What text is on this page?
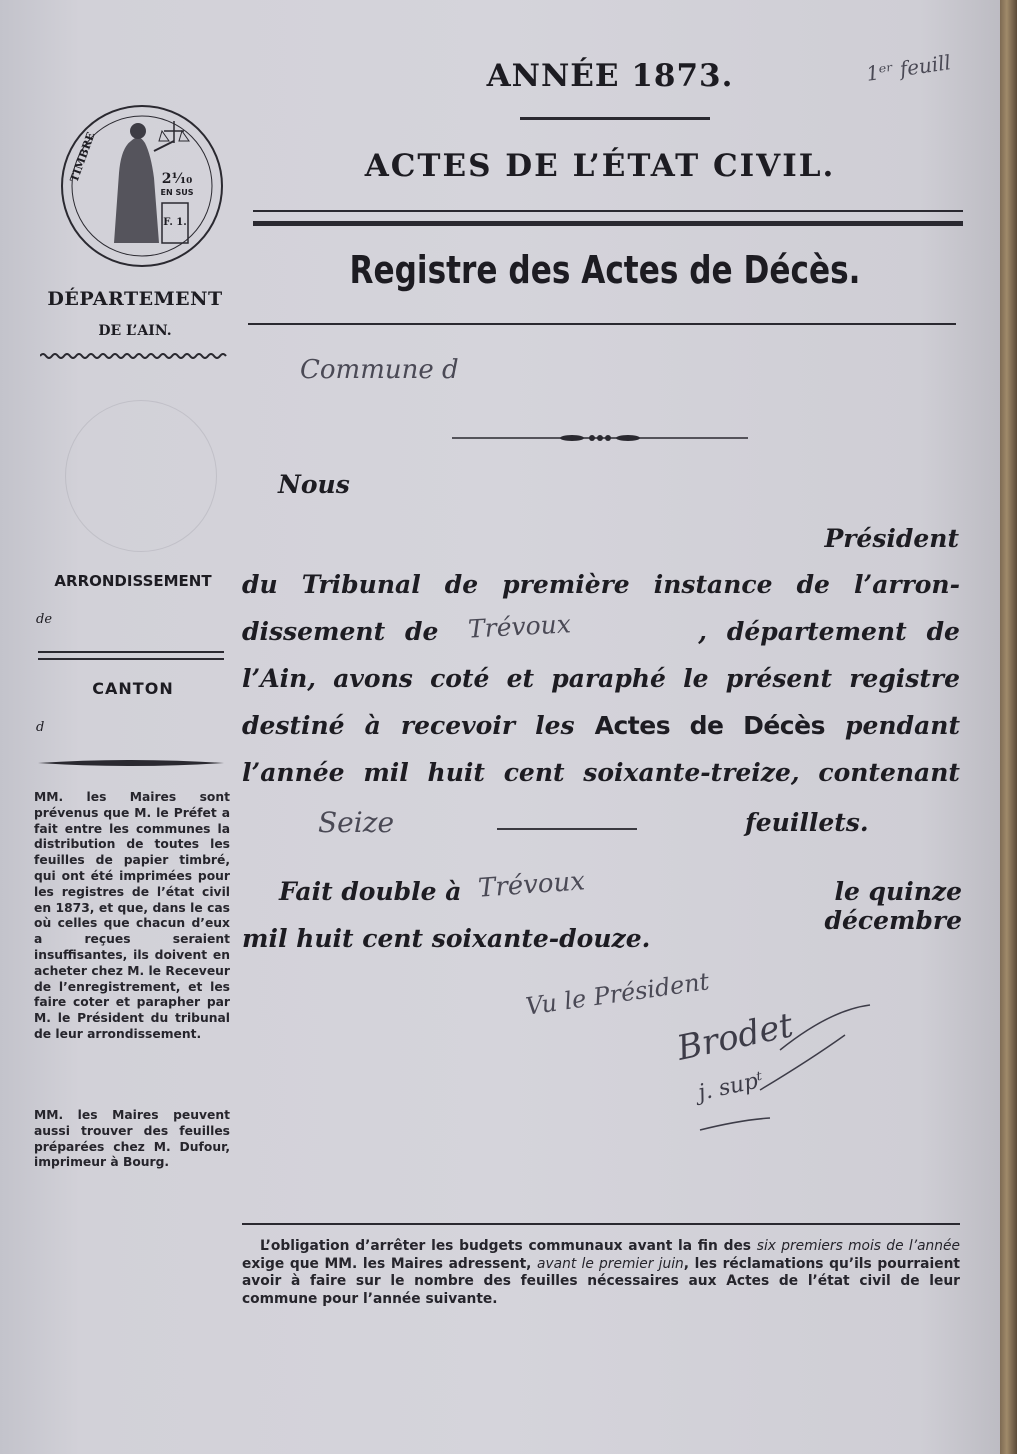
F. 1.
2¹⁄₁₀
EN SUS
TIMBRE
ANNÉE 1873.
ACTES DE L’ÉTAT CIVIL.
Registre des Actes de Décès.
Commune d
DÉPARTEMENT
DE L’AIN.
ARRONDISSEMENT
de
CANTON
d
MM. les Maires sont prévenus que M. le Préfet a fait entre les communes la distribution de toutes les feuilles de papier timbré, qui ont été imprimées pour les registres de l’état civil en 1873, et que, dans le cas où celles que chacun d’eux a reçues seraient insuffisantes, ils doivent en acheter chez M. le Receveur de l’enregistrement, et les faire coter et parapher par M. le Président du tribunal de leur arrondissement.
MM. les Maires peuvent aussi trouver des feuilles préparées chez M. Dufour, imprimeur à Bourg.
Nous
Président
du Tribunal de première instance de l’arron-
dissement de	, département de
l’Ain, avons coté et paraphé le présent registre
destiné à recevoir les Actes de Décès pendant
l’année mil huit cent soixante-treize, contenant
feuillets.
Fait double à	le quinze décembre
mil huit cent soixante-douze.
1ᵉʳ feuill
Trévoux
Seize
Trévoux
Vu le Président
Brodet
j. supᵗ
L’obligation d’arrêter les budgets communaux avant la fin des six premiers mois de l’année exige que MM. les Maires adressent, avant le premier juin, les réclamations qu’ils pourraient avoir à faire sur le nombre des feuilles nécessaires aux Actes de l’état civil de leur commune pour l’année suivante.
